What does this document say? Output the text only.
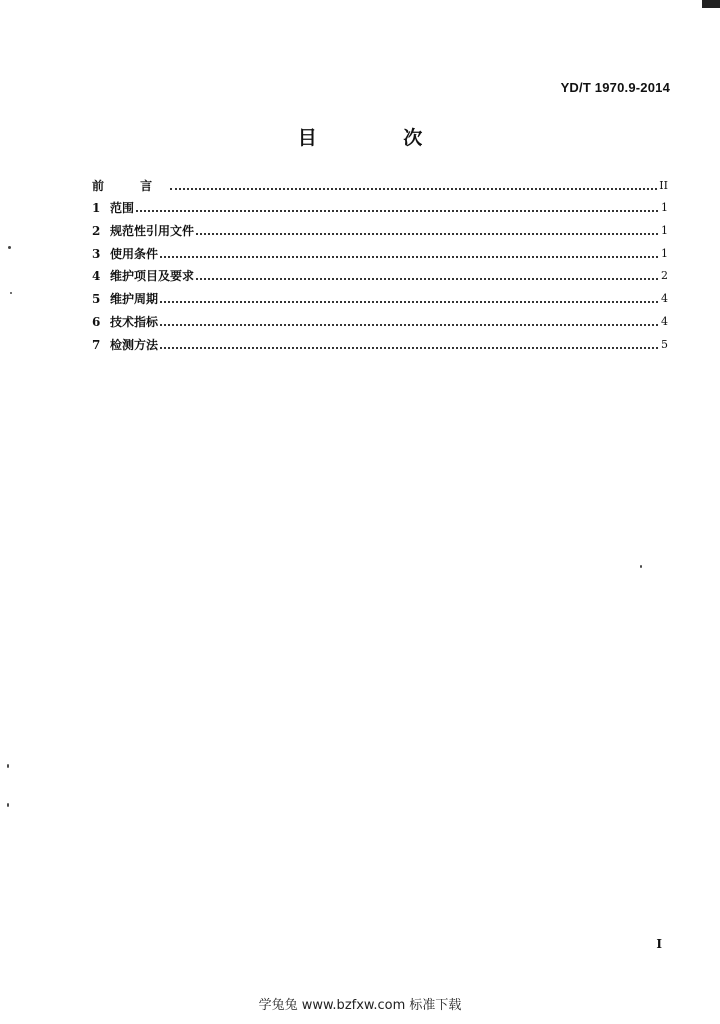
YD/T 1970.9-2014
目 次
前 言	II
1 范围	1
2 规范性引用文件	1
3 使用条件	1
4 维护项目及要求	2
5 维护周期	4
6 技术指标	4
7 检测方法	5
I
学兔兔 www.bzfxw.com 标准下载
